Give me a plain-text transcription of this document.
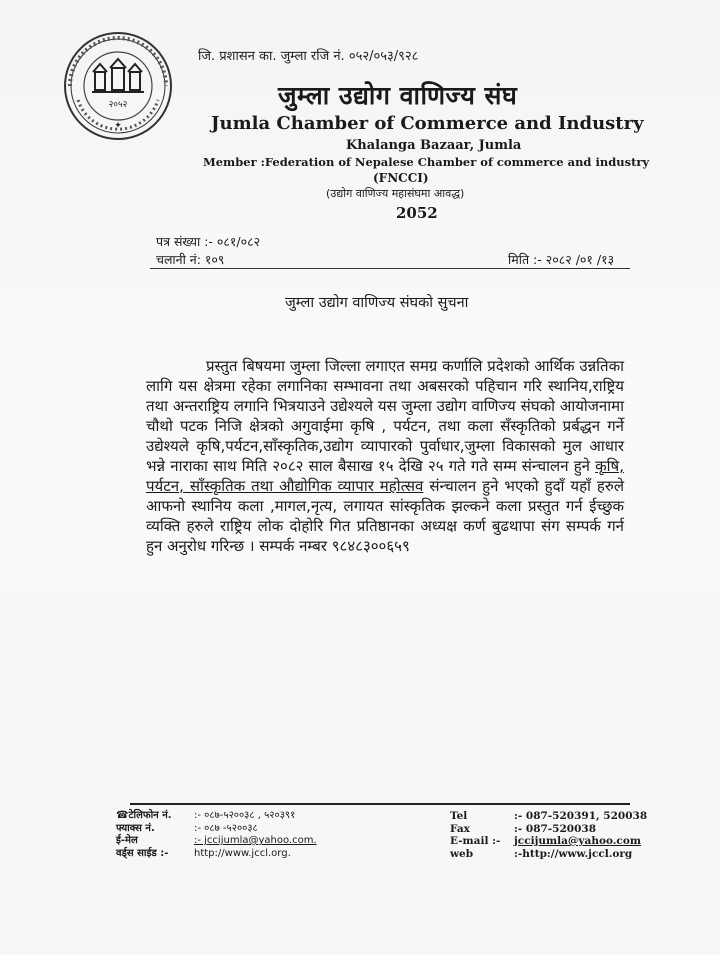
२०५२
✦
जि. प्रशासन का. जुम्ला रजि नं. ०५२/०५३/९२८
जुम्ला उद्योग वाणिज्य संघ
Jumla Chamber of Commerce and Industry
Khalanga Bazaar, Jumla
Member :Federation of Nepalese Chamber of commerce and industry
(FNCCI)
(उद्योग वाणिज्य महासंघमा आवद्ध)
2052
पत्र संख्या :- ०८१/०८२
चलानी नं: १०९	मिति :- २०८२ /०१ /१३
जुम्ला उद्योग वाणिज्य संघको सुचना

प्रस्तुत बिषयमा जुम्ला जिल्ला लगाएत समग्र कर्णालि प्रदेशको आर्थिक उन्नतिका लागि यस क्षेत्रमा रहेका लगानिका सम्भावना तथा अबसरको पहिचान गरि स्थानिय,राष्ट्रिय तथा अन्तराष्ट्रिय लगानि भित्रयाउने उद्येश्यले यस जुम्ला उद्योग वाणिज्य संघको आयोजनामा चौथो पटक निजि क्षेत्रको अगुवाईमा कृषि , पर्यटन, तथा कला सँस्कृतिको प्रर्बद्धन गर्ने उद्येश्यले कृषि,पर्यटन,साँस्कृतिक,उद्योग व्यापारको पुर्वाधार,जुम्ला विकासको मुल आधार भन्ने नाराका साथ मिति २०८२ साल बैसाख १५ देखि २५ गते गते सम्म संन्चालन हुने कृषि, पर्यटन, साँस्कृतिक तथा औद्योगिक व्यापार महोत्सव संन्चालन हुने भएको हुदाँ यहाँ हरुले आफनो स्थानिय कला ,मागल,नृत्य, लगायत सांस्कृतिक झल्कने कला प्रस्तुत गर्न ईच्छुक व्यक्ति हरुले राष्ट्रिय लोक दोहोरि गित प्रतिष्ठानका अध्यक्ष कर्ण बुढथापा संग सम्पर्क गर्न हुन अनुरोध गरिन्छ । सम्पर्क नम्बर ९८४८३००६५९

☎टेलिफोन नं.	:- ०८७-५२००३८ , ५२०३९१
फ्याक्स नं.	:- ०८७ -५२००३८
ई-मेल	:- jccijumla@yahoo.com.
वर्ड्‌स साईड :-	http://www.jccl.org.
Tel	:- 087-520391, 520038
Fax	:- 087-520038
E-mail :-	jccijumla@yahoo.com
web	:-http://www.jccl.org
